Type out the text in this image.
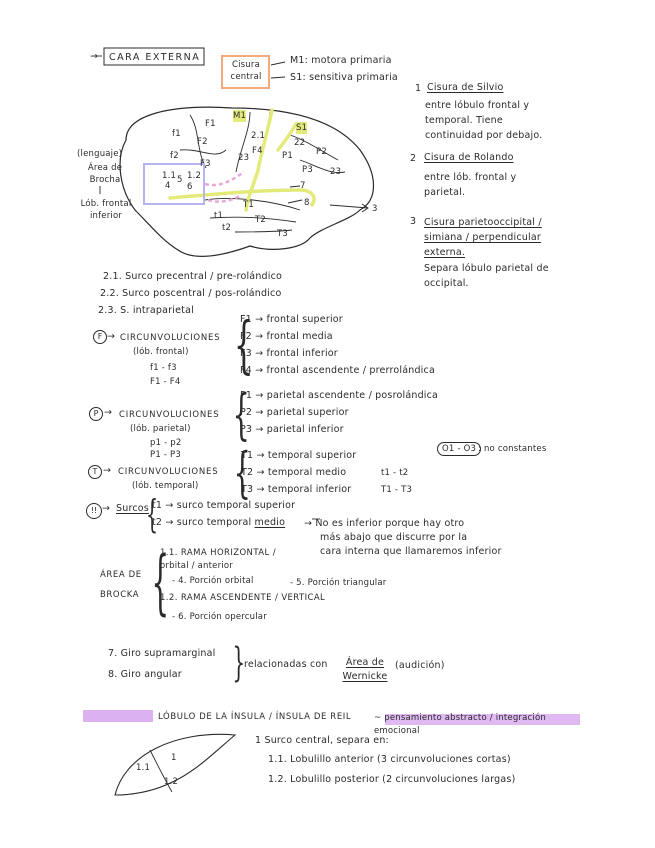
→ CARA EXTERNA
Cisura central
M1: motora primaria
S1: sensitiva primaria
M1
S1
F1
f1
F2
f2
F3
F4
2.1
23
22
P1	P2
P3 23
1.1
4
5 1.2
6	7
8
3
T1
T2
t1
t2
T3
(lenguaje)
Área de Brocha
Lób. frontal inferior
1 Cisura de Silvio
entre lóbulo frontal y temporal. Tiene continuidad por debajo.
2 Cisura de Rolando
entre lób. frontal y parietal.
3 Cisura parietooccipital / simiana / perpendicular externa.
Separa lóbulo parietal de occipital.
2.1. Surco precentral / pre-rolándico
2.2. Surco poscentral / pos-rolándico
2.3. S. intraparietal
F → CIRCUNVOLUCIONES
(lób. frontal)
f1 - f3
F1 - F4
{
F1 → frontal superior
F2 → frontal media
F3 → frontal inferior
F4 → frontal ascendente / prerrolándica
P → CIRCUNVOLUCIONES
(lób. parietal)
p1 - p2
P1 - P3
{
P1 → parietal ascendente / posrolándica
P2 → parietal superior
P3 → parietal inferior
O1 - O3 : no constantes
T → CIRCUNVOLUCIONES
(lób. temporal) {
T1 → temporal superior
T2 → temporal medio
T3 → temporal inferior
t1 - t2
T1 - T3
!! → Surcos
{
t1 → surco temporal superior
t2 → surco temporal medio → No es inferior porque hay otro
más abajo que discurre por la
cara interna que llamaremos inferior
ÁREA DE BROCKA {
1.1. RAMA HORIZONTAL /
orbital / anterior
- 4. Porción orbital	- 5. Porción triangular
1.2. RAMA ASCENDENTE / VERTICAL
- 6. Porción opercular
7. Giro supramarginal
8. Giro angular }
relacionadas con	Área de Wernicke
(audición)
LÓBULO DE LA ÍNSULA / ÍNSULA DE REIL	~ pensamiento abstracto / integración emocional
1 Surco central, separa en:
1.1. Lobulillo anterior (3 circunvoluciones cortas)
1.2. Lobulillo posterior (2 circunvoluciones largas)
1.1
1.2
1
